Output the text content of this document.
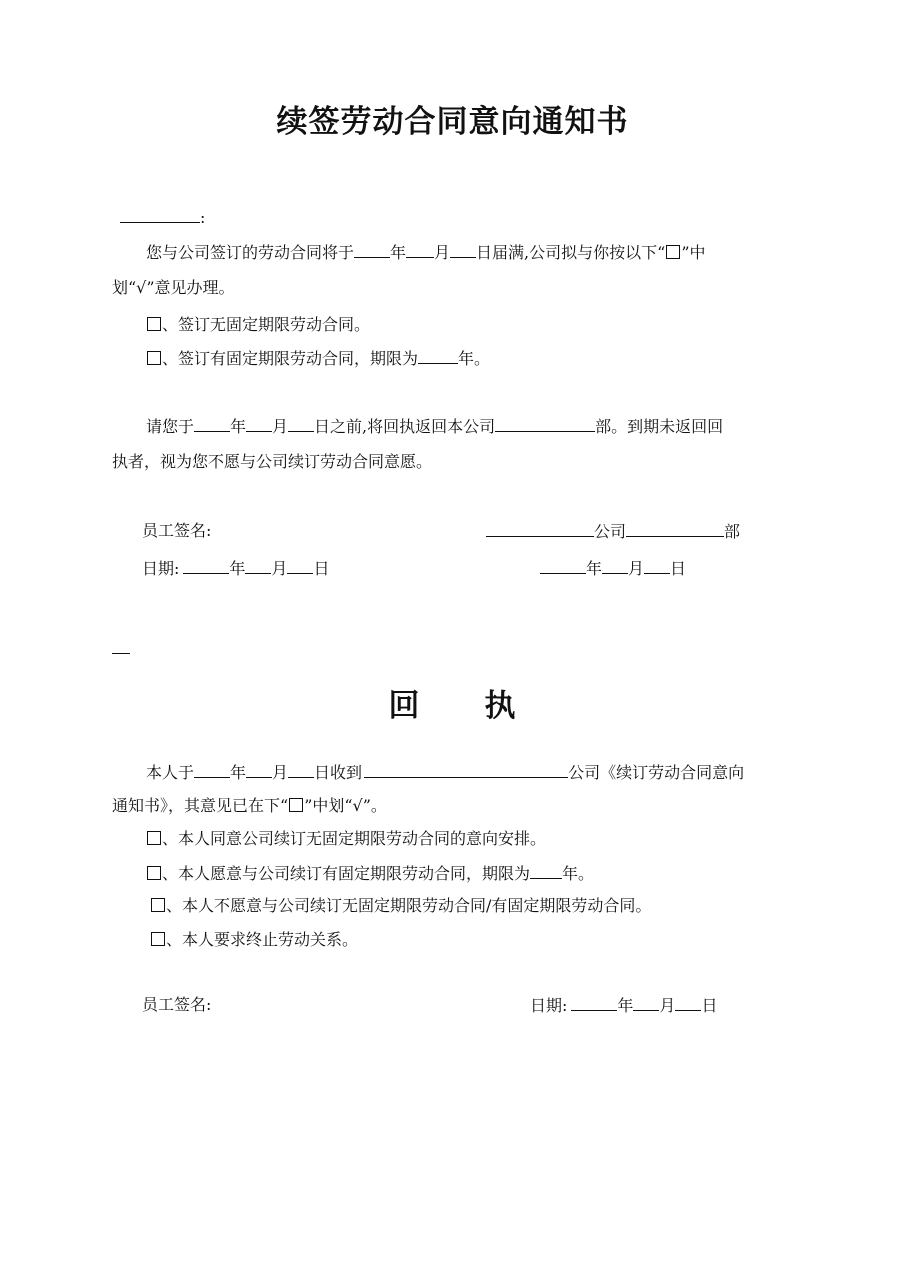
续签劳动合同意向通知书
:
您与公司签订的劳动合同将于 年 月 日届满,公司拟与你按以下“ ”中
划“√”意见办理。
、签订无固定期限劳动合同。
、签订有固定期限劳动合同，期限为	年。
请您于 年 月 日之前,将回执返回本公司	部。到期未返回回
执者，视为您不愿与公司续订劳动合同意愿。
员工签名:	公司	部
日期:	年 月 日	年 月 日
回　　执
本人于 年 月 日收到	公司《续订劳动合同意向
通知书》，其意见已在下“ ”中划“√”。
、本人同意公司续订无固定期限劳动合同的意向安排。
、本人愿意与公司续订有固定期限劳动合同，期限为 年。
、本人不愿意与公司续订无固定期限劳动合同/有固定期限劳动合同。
、本人要求终止劳动关系。
员工签名:	日期:	年 月 日
